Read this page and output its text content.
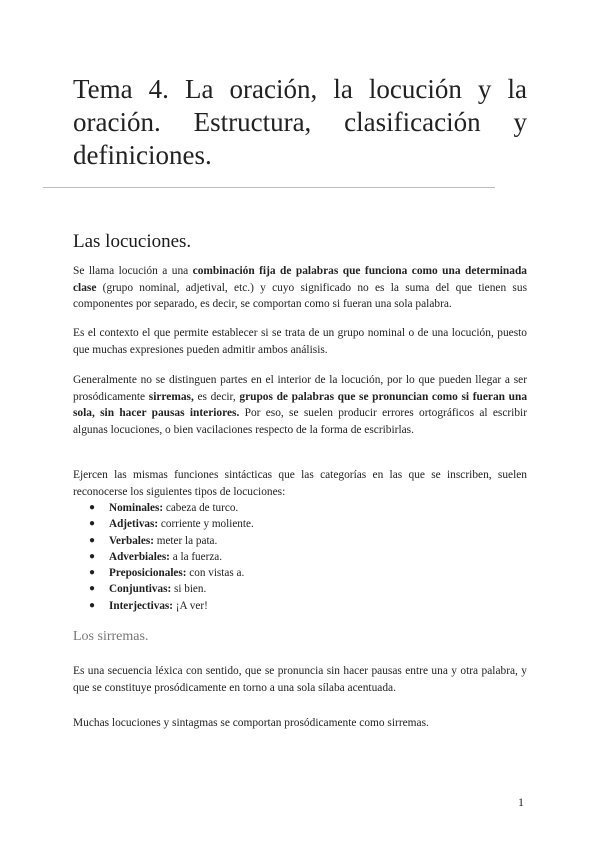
Tema 4. La oración, la locución y la oración. Estructura, clasificación y definiciones.
Las locuciones.

Se llama locución a una combinación fija de palabras que funciona como una determinada clase (grupo nominal, adjetival, etc.) y cuyo significado no es la suma del que tienen sus componentes por separado, es decir, se comportan como si fueran una sola palabra.

Es el contexto el que permite establecer si se trata de un grupo nominal o de una locución, puesto que muchas expresiones pueden admitir ambos análisis.

Generalmente no se distinguen partes en el interior de la locución, por lo que pueden llegar a ser prosódicamente sirremas, es decir, grupos de palabras que se pronuncian como si fueran una sola, sin hacer pausas interiores. Por eso, se suelen producir errores ortográficos al escribir algunas locuciones, o bien vacilaciones respecto de la forma de escribirlas.

Ejercen las mismas funciones sintácticas que las categorías en las que se inscriben, suelen reconocerse los siguientes tipos de locuciones:

● Nominales: cabeza de turco.
● Adjetivas: corriente y moliente.
● Verbales: meter la pata.
● Adverbiales: a la fuerza.
● Preposicionales: con vistas a.
● Conjuntivas: si bien.
● Interjectivas: ¡A ver!
Los sirremas.

Es una secuencia léxica con sentido, que se pronuncia sin hacer pausas entre una y otra palabra, y que se constituye prosódicamente en torno a una sola sílaba acentuada.

Muchas locuciones y sintagmas se comportan prosódicamente como sirremas.

1
